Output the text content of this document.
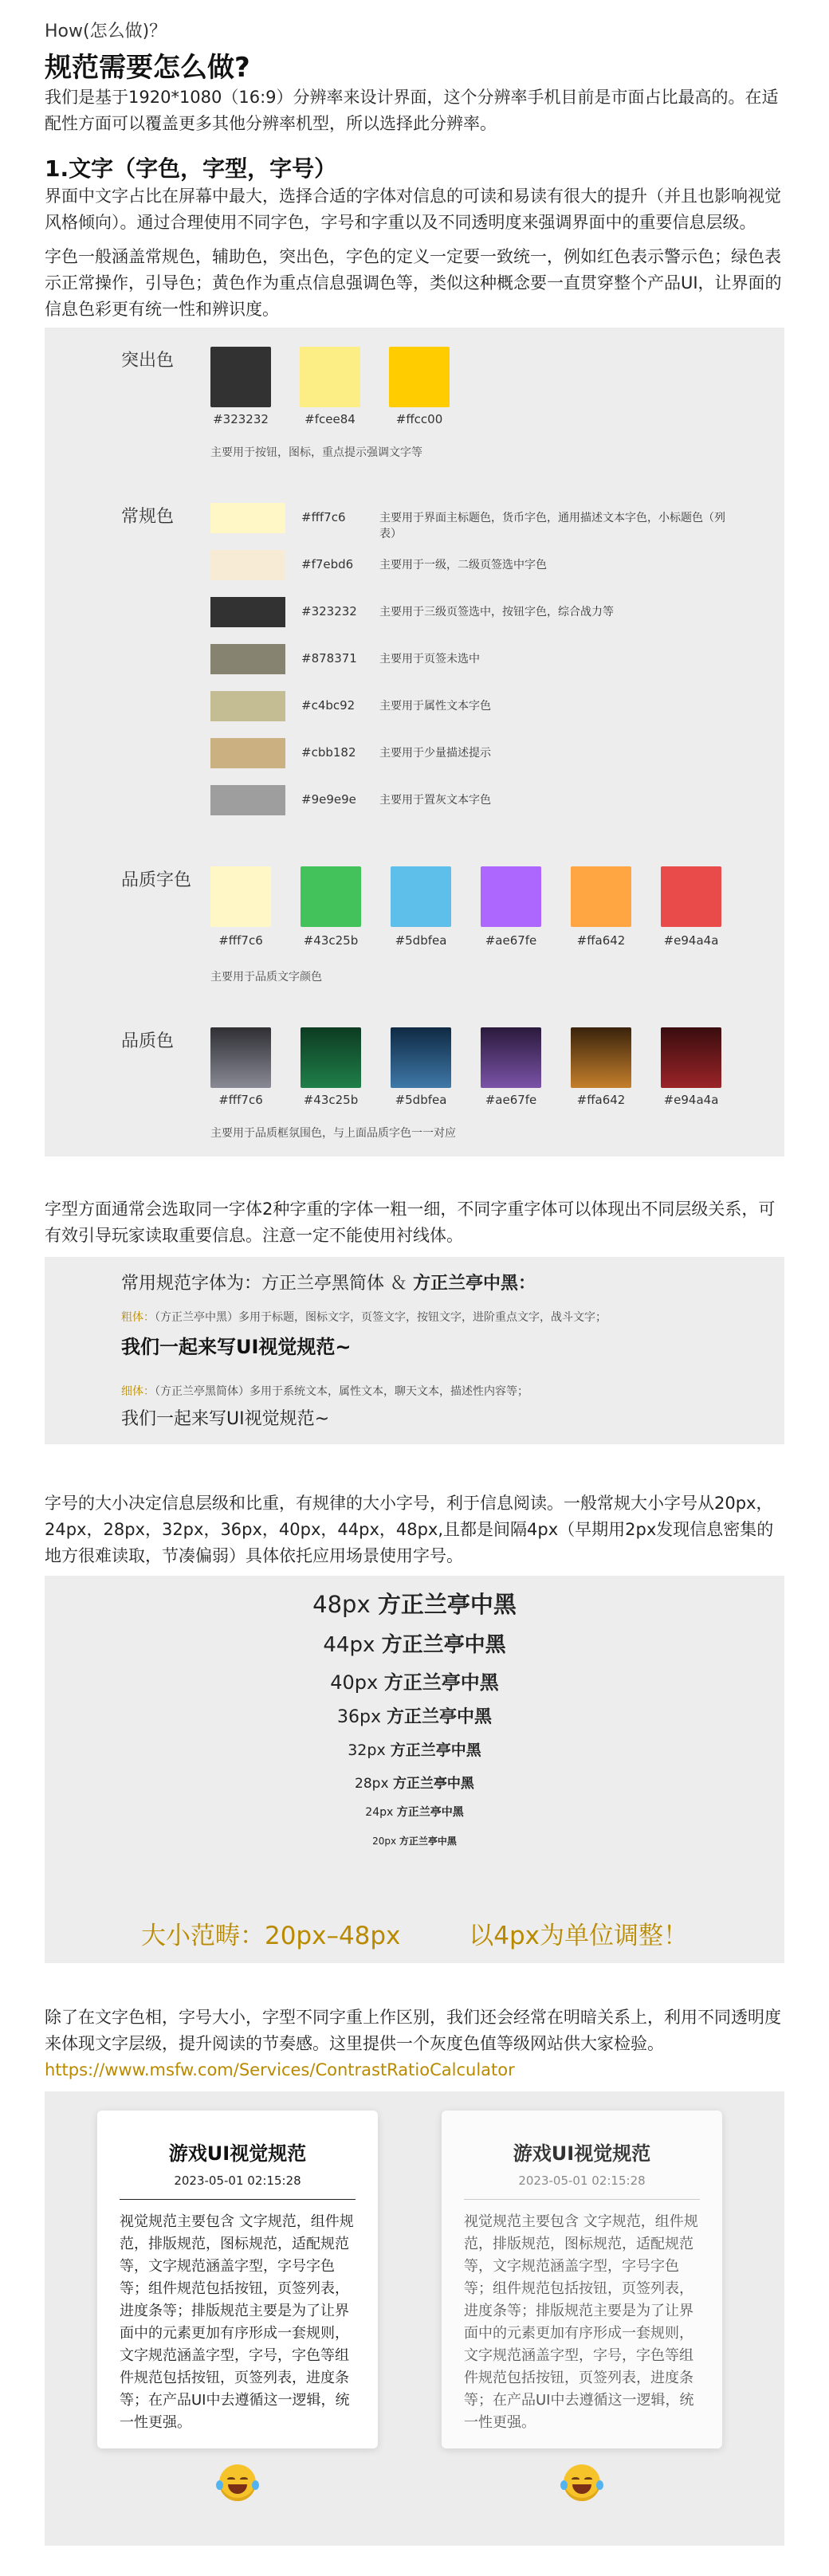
How(怎么做)？
规范需要怎么做?
我们是基于1920*1080（16:9）分辨率来设计界面，这个分辨率手机目前是市面占比最高的。在适配性方面可以覆盖更多其他分辨率机型，所以选择此分辨率。
1.文字（字色，字型，字号）
界面中文字占比在屏幕中最大，选择合适的字体对信息的可读和易读有很大的提升（并且也影响视觉风格倾向）。通过合理使用不同字色，字号和字重以及不同透明度来强调界面中的重要信息层级。
字色一般涵盖常规色，辅助色，突出色，字色的定义一定要一致统一，例如红色表示警示色；绿色表示正常操作，引导色；黄色作为重点信息强调色等，类似这种概念要一直贯穿整个产品UI，让界面的信息色彩更有统一性和辨识度。
突出色
#323232	#fcee84	#ffcc00
主要用于按钮，图标，重点提示强调文字等
常规色	#fff7c6	主要用于界面主标题色，货币字色，通用描述文本字色，小标题色（列表）
#f7ebd6 主要用于一级，二级页签选中字色
#323232 主要用于三级页签选中，按钮字色，综合战力等
#878371 主要用于页签未选中
#c4bc92 主要用于属性文本字色
#cbb182 主要用于少量描述提示
#9e9e9e 主要用于置灰文本字色
品质字色
#fff7c6	#43c25b	#5dbfea	#ae67fe	#ffa642	#e94a4a
主要用于品质文字颜色
品质色
#fff7c6	#43c25b	#5dbfea	#ae67fe	#ffa642	#e94a4a
主要用于品质框氛围色，与上面品质字色一一对应
字型方面通常会选取同一字体2种字重的字体一粗一细，不同字重字体可以体现出不同层级关系，可有效引导玩家读取重要信息。注意一定不能使用衬线体。
常用规范字体为：方正兰亭黑简体 ＆ 方正兰亭中黑：
粗体：（方正兰亭中黑）多用于标题，图标文字，页签文字，按钮文字，进阶重点文字，战斗文字；
我们一起来写UI视觉规范~
细体：（方正兰亭黑简体）多用于系统文本，属性文本，聊天文本，描述性内容等；
我们一起来写UI视觉规范~
字号的大小决定信息层级和比重，有规律的大小字号，利于信息阅读。一般常规大小字号从20px，24px，28px，32px，36px，40px，44px，48px,且都是间隔4px（早期用2px发现信息密集的地方很难读取，节凑偏弱）具体依托应用场景使用字号。
大小范畴：20px–48px	以4px为单位调整！
48px 方正兰亭中黑
44px 方正兰亭中黑
40px 方正兰亭中黑
36px 方正兰亭中黑
32px 方正兰亭中黑
28px 方正兰亭中黑
24px 方正兰亭中黑
20px 方正兰亭中黑
除了在文字色相，字号大小，字型不同字重上作区别，我们还会经常在明暗关系上，利用不同透明度来体现文字层级，提升阅读的节奏感。这里提供一个灰度色值等级网站供大家检验。https://www.msfw.com/Services/ContrastRatioCalculator
游戏UI视觉规范
2023-05-01 02:15:28
视觉规范主要包含 文字规范，组件规范，排版规范，图标规范，适配规范等，文字规范涵盖字型，字号字色等；组件规范包括按钮，页签列表，进度条等；排版规范主要是为了让界面中的元素更加有序形成一套规则，文字规范涵盖字型，字号，字色等组件规范包括按钮，页签列表，进度条等；在产品UI中去遵循这一逻辑，统一性更强。
游戏UI视觉规范
2023-05-01 02:15:28
视觉规范主要包含 文字规范，组件规范，排版规范，图标规范，适配规范等，文字规范涵盖字型，字号字色等；组件规范包括按钮，页签列表，进度条等；排版规范主要是为了让界面中的元素更加有序形成一套规则，文字规范涵盖字型，字号，字色等组件规范包括按钮，页签列表，进度条等；在产品UI中去遵循这一逻辑，统一性更强。
